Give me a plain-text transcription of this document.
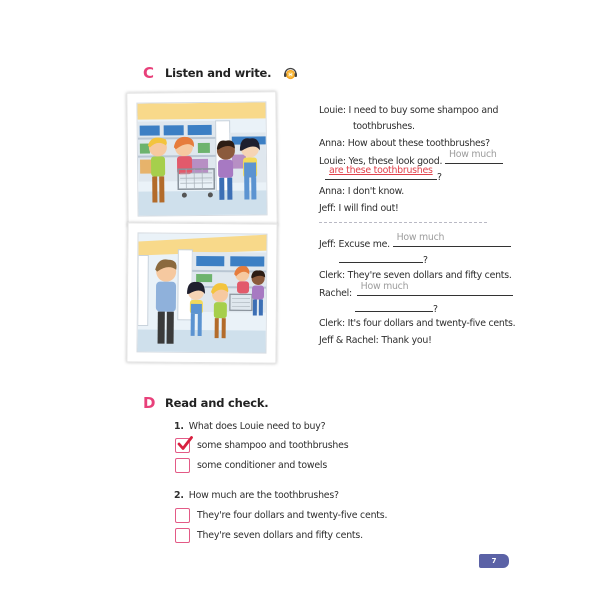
C Listen and write.
Louie: I need to buy some shampoo and
toothbrushes.
Anna: How about these toothbrushes?
Louie: Yes, these look good.
How much
are these toothbrushes
?
Anna: I don't know.
Jeff: I will find out!
Jeff: Excuse me.
How much
?
Clerk: They're seven dollars and fifty cents.
Rachel:
How much
?
Clerk: It's four dollars and twenty-five cents.
Jeff & Rachel: Thank you!
D Read and check.
1. What does Louie need to buy?
some shampoo and toothbrushes
some conditioner and towels
2. How much are the toothbrushes?
They're four dollars and twenty-five cents.
They're seven dollars and fifty cents.
7
